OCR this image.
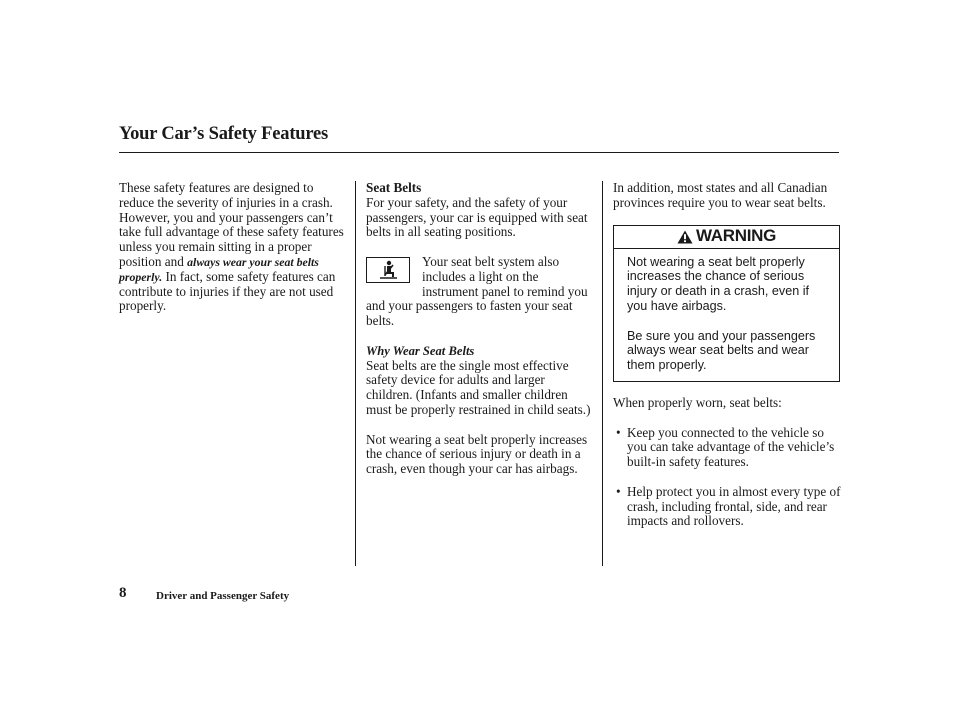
Your Car’s Safety Features

These safety features are designed to reduce the severity of injuries in a crash. However, you and your passengers can’t take full advantage of these safety features unless you remain sitting in a proper position and always wear your seat belts properly. In fact, some safety features can contribute to injuries if they are not used properly.

Seat Belts

For your safety, and the safety of your passengers, your car is equipped with seat belts in all seating positions.

Your seat belt system also includes a light on the instrument panel to remind you and your passengers to fasten your seat belts.

Why Wear Seat Belts

Seat belts are the single most effective safety device for adults and larger children. (Infants and smaller children must be properly restrained in child seats.)

Not wearing a seat belt properly increases the chance of serious injury or death in a crash, even though your car has airbags.

In addition, most states and all Canadian provinces require you to wear seat belts.

WARNING

Not wearing a seat belt properly increases the chance of serious injury or death in a crash, even if you have airbags.

Be sure you and your passengers always wear seat belts and wear them properly.

When properly worn, seat belts:

• Keep you connected to the vehicle so you can take advantage of the vehicle’s built-in safety features.
• Help protect you in almost every type of crash, including frontal, side, and rear impacts and rollovers.
8	Driver and Passenger Safety
